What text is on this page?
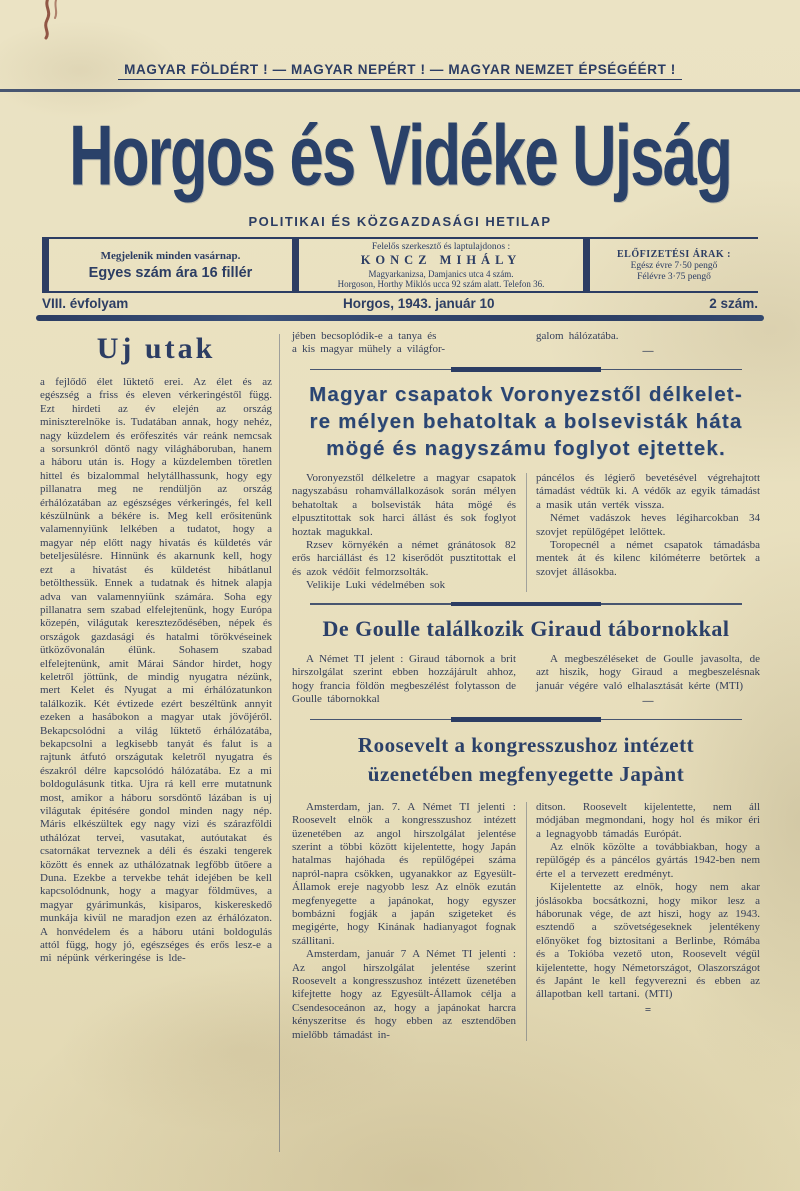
MAGYAR FÖLDÉRT ! — MAGYAR NEPÉRT ! — MAGYAR NEMZET ÉPSÉGÉÉRT !
Horgos és Vidéke Ujság
POLITIKAI ÉS KÖZGAZDASÁGI HETILAP
Megjelenik minden vasárnap.
Egyes szám ára 16 fillér
Felelős szerkesztő és laptulajdonos :
KONCZ MIHÁLY
Magyarkanizsa, Damjanics utca 4 szám.
Horgoson, Horthy Miklós ucca 92 szám alatt. Telefon 36.
ELŐFIZETÉSI ÁRAK :
Egész évre 7·50 pengő
Félévre 3·75 pengő
VIII. évfolyam	Horgos, 1943. január 10	2 szám.
Uj utak

a fejlődő élet lüktető erei. Az élet és az egészség a friss és eleven vérkeringéstől függ. Ezt hirdeti az év elején az ország miniszterelnöke is. Tudatában annak, hogy nehéz, nagy küzdelem és erőfeszités vár reánk nemcsak a sorsunkról döntő nagy világháboruban, hanem a háboru után is. Hogy a küzdelemben töretlen hittel és bizalommal helytállhassunk, hogy egy pillanatra meg ne rendüljön az ország érhálózatában az egészséges vérkeringés, fel kell készülnünk a békére is. Meg kell erősitenünk valamennyiünk lelkében a tudatot, hogy a magyar nép előtt nagy hivatás és küldetés vár beteljesülésre. Hinnünk és akarnunk kell, hogy ezt a hivatást és küldetést hibátlanul betölthessük. Ennek a tudatnak és hitnek alapja adva van valamennyiünk számára. Soha egy pillanatra sem szabad elfelejtenünk, hogy Európa közepén, világutak kereszteződésében, népek és országok gazdasági és hatalmi törökvéseinek ütközővonalán élünk. Sohasem szabad elfelejtenünk, amit Márai Sándor hirdet, hogy keletről jöttünk, de mindig nyugatra nézünk, mert Kelet és Nyugat a mi érhálózatunkon találkozik. Két évtizede ezért beszéltünk annyit ezeken a hasábokon a magyar utak jövőjéről. Bekapcsolódni a világ lüktető érhálózatába, bekapcsolni a legkisebb tanyát és falut is a rajtunk átfutó országutak keletről nyugatra és északról délre kapcsolódó hálózatába. Ez a mi boldogulásunk titka. Ujra rá kell erre mutatnunk most, amikor a háboru sorsdöntő lázában is uj világutak épitésére gondol minden nagy nép. Máris elkészültek egy nagy vizi és szárazföldi uthálózat tervei, vasutakat, autóutakat és csatornákat terveznek a déli és északi tengerek között és ennek az uthálózatnak legfőbb ütőere a Duna. Ezekbe a tervekbe tehát idejében be kell kapcsolódnunk, hogy a magyar földmüves, a magyar gyárimunkás, kisiparos, kiskereskedő munkája kivül ne maradjon ezen az érhálózaton. A honvédelem és a háboru utáni boldogulás attól függ, hogy jó, egészséges és erős lesz-e a mi népünk vérkeringése is lde-

jében becsoplódik-e a tanya és

a kis magyar mühely a világfor-

galom hálózatába.

—
Magyar csapatok Voronyezstől délkelet-
re mélyen behatoltak a bolsevisták háta
mögé és nagyszámu foglyot ejtettek.

Voronyezstől délkeletre a magyar csapatok nagyszabásu rohamvállalkozások során mélyen behatoltak a bolsevisták háta mögé és elpusztitottak sok harci állást és sok foglyot hoztak magukkal.

Rzsev környékén a német gránátosok 82 erős harciállást és 12 kiserődöt pusztitottak el és azok védőit felmorzsolták.

Velikije Luki védelmében sok

páncélos és légierő bevetésével végrehajtott támadást védtük ki. A védők az egyik támadást a masik után verték vissza.

Német vadászok heves légiharcokban 34 szovjet repülőgépet lelőttek.

Toropecnél a német csapatok támadásba mentek át és kilenc kilóméterre betörtek a szovjet állásokba.

De Goulle találkozik Giraud tábornokkal

A Német TI jelent : Giraud tábornok a brit hirszolgálat szerint ebben hozzájárult ahhoz, hogy francia földön megbeszélést folytasson de Goulle tábornokkal

A megbeszéléseket de Goulle javasolta, de azt hiszik, hogy Giraud a megbeszelésnak január végére való elhalasztását kérte (MTI)

—
Roosevelt a kongresszushoz intézett
üzenetében megfenyegette Japànt

Amsterdam, jan. 7. A Német TI jelenti : Roosevelt elnök a kongresszushoz intézett üzenetében az angol hirszolgálat jelentése szerint a többi között kijelentette, hogy Japán hatalmas hajóhada és repülőgépei száma napról-napra csökken, ugyanakkor az Egyesült-Államok ereje nagyobb lesz Az elnök ezután megfenyegette a japánokat, hogy egyszer bombázni fogják a japán szigeteket és megigérte, hogy Kinának hadianyagot fognak szállitani.

Amsterdam, január 7 A Német TI jelenti : Az angol hirszolgálat jelentése szerint Roosevelt a kongresszushoz intézett üzenetében kifejtette hogy az Egyesült-Államok célja a Csendesoceánon az, hogy a japánokat harcra kényszeritse és hogy ebben az esztendőben mielőbb támadást in-

ditson. Roosevelt kijelentette, nem áll módjában megmondani, hogy hol és mikor éri a legnagyobb támadás Európát.

Az elnök közölte a továbbiakban, hogy a repülőgép és a páncélos gyártás 1942-ben nem érte el a tervezett eredményt.

Kijelentette az elnök, hogy nem akar jóslásokba bocsátkozni, hogy mikor lesz a háborunak vége, de azt hiszi, hogy az 1943. esztendő a szövetségeseknek jelentékeny előnyöket fog biztositani a Berlinbe, Rómába és a Tokióba vezető uton, Roosevelt végül kijelentette, hogy Németországot, Olaszországot és Japánt le kell fegyverezni és ebben az állapotban kell tartani. (MTI)

=
